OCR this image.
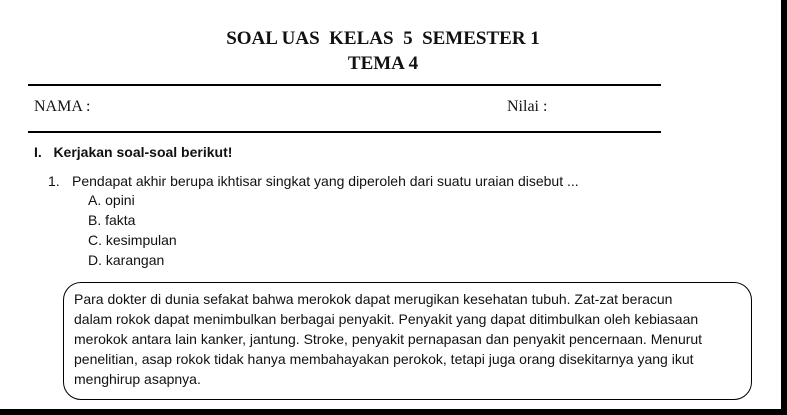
SOAL UAS  KELAS  5  SEMESTER 1
TEMA 4
NAMA :	Nilai :
I.   Kerjakan soal-soal berikut!
1. Pendapat akhir berupa ikhtisar singkat yang diperoleh dari suatu uraian disebut ...
A. opini
B. fakta
C. kesimpulan
D. karangan
Para dokter di dunia sefakat bahwa merokok dapat merugikan kesehatan tubuh. Zat-zat beracun
dalam rokok dapat menimbulkan berbagai penyakit. Penyakit yang dapat ditimbulkan oleh kebiasaan
merokok antara lain kanker, jantung. Stroke, penyakit pernapasan dan penyakit pencernaan. Menurut
penelitian, asap rokok tidak hanya membahayakan perokok, tetapi juga orang disekitarnya yang ikut
menghirup asapnya.
